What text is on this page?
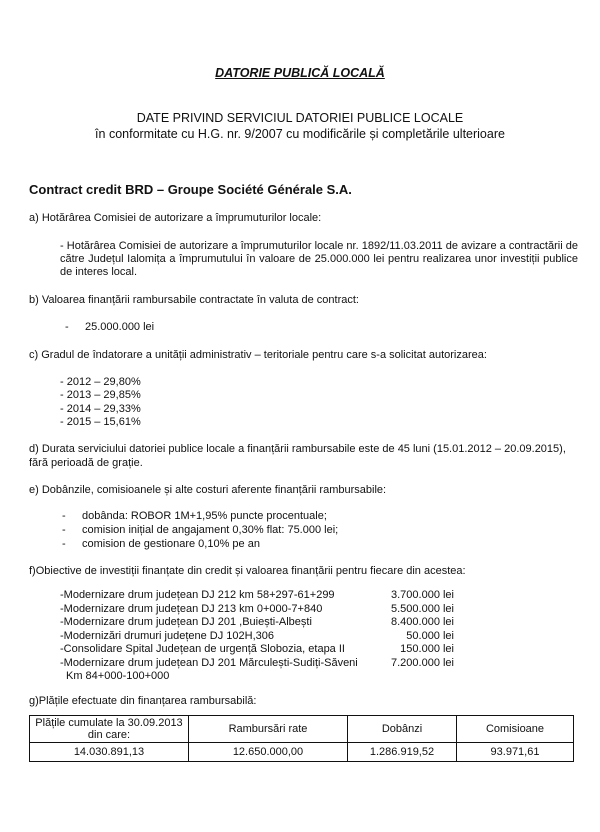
DATORIE PUBLICĂ LOCALĂ
DATE PRIVIND SERVICIUL DATORIEI PUBLICE LOCALE
în conformitate cu H.G. nr. 9/2007 cu modificările și completările ulterioare
Contract credit BRD – Groupe Société Générale S.A.
a) Hotărârea Comisiei de autorizare a împrumuturilor locale:
- Hotărârea Comisiei de autorizare a împrumuturilor locale nr. 1892/11.03.2011 de avizare a contractării de către Județul Ialomița a împrumutului în valoare de 25.000.000 lei pentru realizarea unor investiții publice de interes local.
b) Valoarea finanțării rambursabile contractate în valuta de contract:
- 25.000.000 lei
c) Gradul de îndatorare a unității administrativ – teritoriale pentru care s-a solicitat autorizarea:
- 2012 – 29,80%
- 2013 – 29,85%
- 2014 – 29,33%
- 2015 – 15,61%
d) Durata serviciului datoriei publice locale a finanțării rambursabile este de 45 luni (15.01.2012 – 20.09.2015),
fără perioadă de grație.
e) Dobânzile, comisioanele și alte costuri aferente finanțării rambursabile:
- dobânda: ROBOR 1M+1,95% puncte procentuale;
- comision inițial de angajament 0,30% flat: 75.000 lei;
- comision de gestionare 0,10% pe an
f)Obiective de investiții finanțate din credit și valoarea finanțării pentru fiecare din acestea:
-Modernizare drum județean DJ 212 km 58+297-61+299	3.700.000 lei
-Modernizare drum județean DJ 213 km 0+000-7+840	5.500.000 lei
-Modernizare drum județean DJ 201 ,Buiești-Albești	8.400.000 lei
-Modernizări drumuri județene DJ 102H,306	50.000 lei
-Consolidare Spital Județean de urgență Slobozia, etapa II	150.000 lei
-Modernizare drum județean DJ 201 Mărculești-Sudiți-Săveni	7.200.000 lei
Km 84+000-100+000
g)Plățile efectuate din finanțarea rambursabilă:
Plățile cumulate la 30.09.2013
din care:	Rambursări rate	Dobânzi	Comisioane
14.030.891,13	12.650.000,00	1.286.919,52	93.971,61
